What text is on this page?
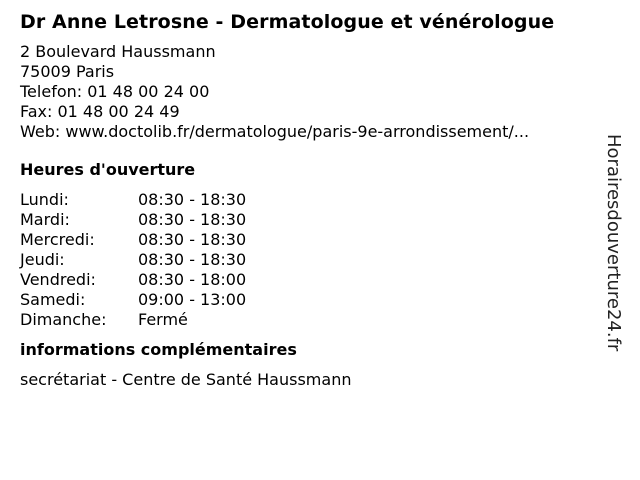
Dr Anne Letrosne - Dermatologue et vénérologue
2 Boulevard Haussmann
75009 Paris
Telefon: 01 48 00 24 00
Fax: 01 48 00 24 49
Web: www.doctolib.fr/dermatologue/paris-9e-arrondissement/...
Heures d'ouverture
Lundi:	08:30 - 18:30
Mardi:	08:30 - 18:30
Mercredi:	08:30 - 18:30
Jeudi:	08:30 - 18:30
Vendredi:	08:30 - 18:00
Samedi:	09:00 - 13:00
Dimanche:	Fermé
informations complémentaires
secrétariat - Centre de Santé Haussmann
Horairesdouverture24.fr
